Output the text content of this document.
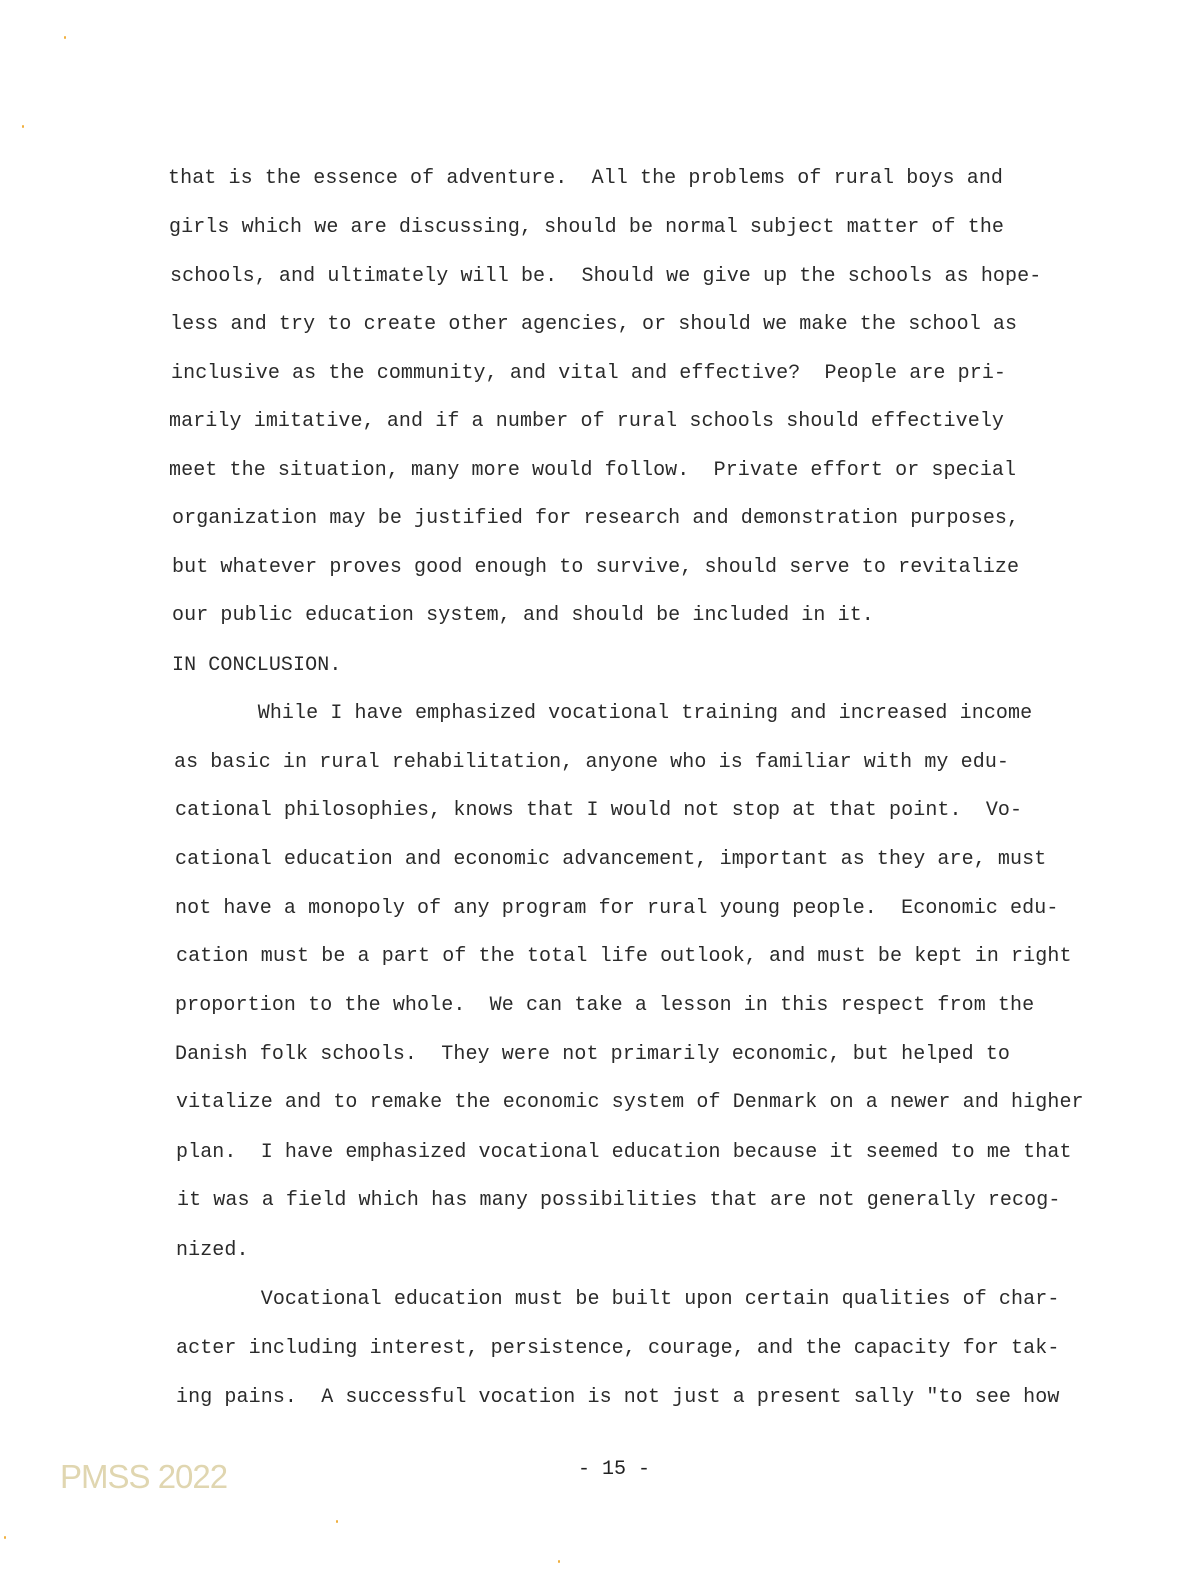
that is the essence of adventure.  All the problems of rural boys and
girls which we are discussing, should be normal subject matter of the
schools, and ultimately will be.  Should we give up the schools as hope-
less and try to create other agencies, or should we make the school as
inclusive as the community, and vital and effective?  People are pri-
marily imitative, and if a number of rural schools should effectively
meet the situation, many more would follow.  Private effort or special
organization may be justified for research and demonstration purposes,
but whatever proves good enough to survive, should serve to revitalize
our public education system, and should be included in it.
IN CONCLUSION.
While I have emphasized vocational training and increased income
as basic in rural rehabilitation, anyone who is familiar with my edu-
cational philosophies, knows that I would not stop at that point.  Vo-
cational education and economic advancement, important as they are, must
not have a monopoly of any program for rural young people.  Economic edu-
cation must be a part of the total life outlook, and must be kept in right
proportion to the whole.  We can take a lesson in this respect from the
Danish folk schools.  They were not primarily economic, but helped to
vitalize and to remake the economic system of Denmark on a newer and higher
plan.  I have emphasized vocational education because it seemed to me that
it was a field which has many possibilities that are not generally recog-
nized.
Vocational education must be built upon certain qualities of char-
acter including interest, persistence, courage, and the capacity for tak-
ing pains.  A successful vocation is not just a present sally "to see how
- 15 -
PMSS 2022
